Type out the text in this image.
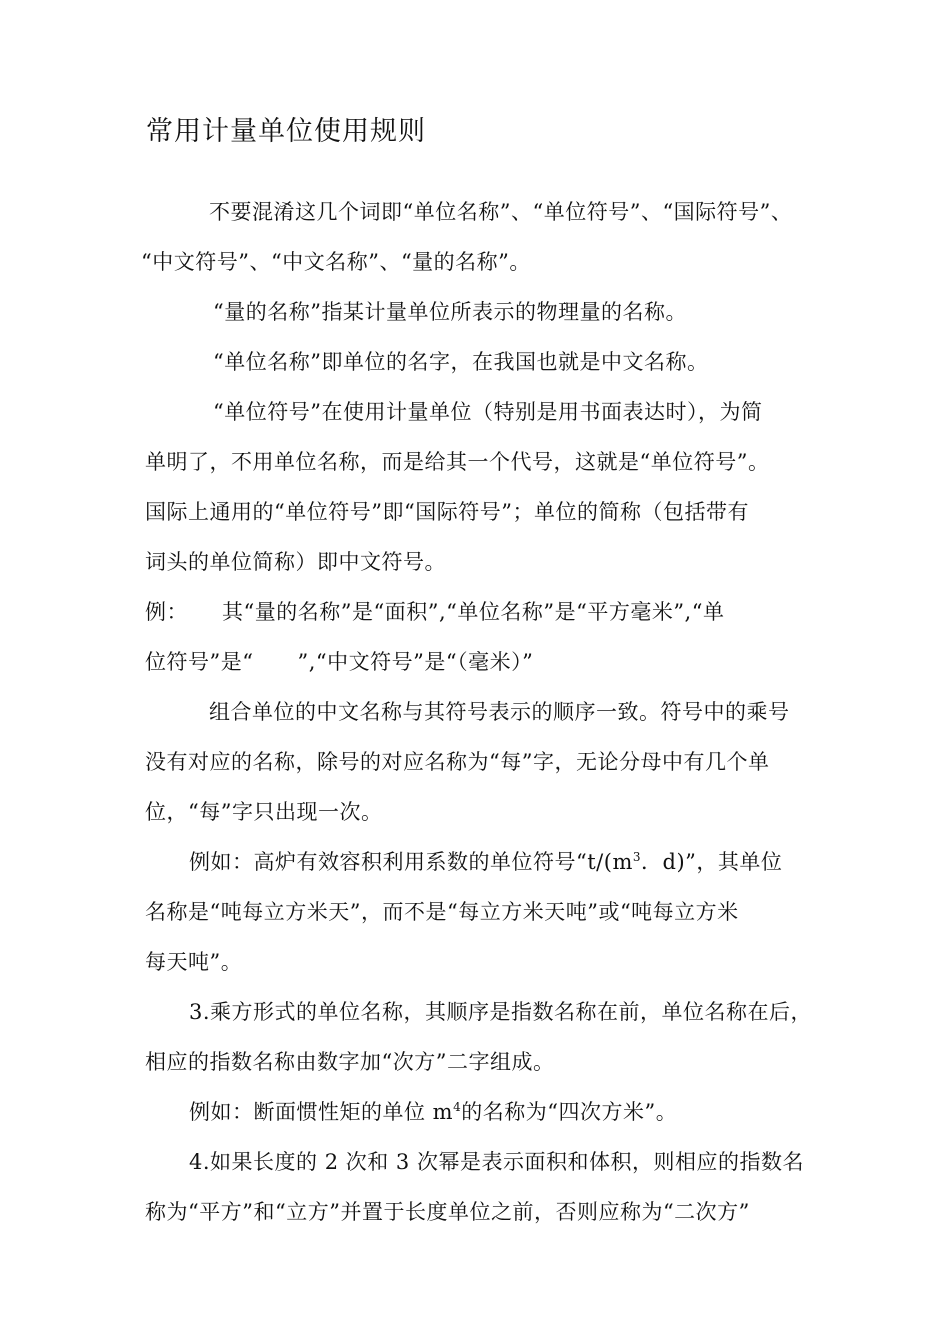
常用计量单位使用规则
不要混淆这几个词即“单位名称”、“单位符号”、“国际符号”、
“中文符号”、“中文名称”、“量的名称”。
“量的名称”指某计量单位所表示的物理量的名称。
“单位名称”即单位的名字，在我国也就是中文名称。
“单位符号”在使用计量单位（特别是用书面表达时），为简
单明了，不用单位名称，而是给其一个代号，这就是“单位符号”。
国际上通用的“单位符号”即“国际符号”；单位的简称（包括带有
词头的单位简称）即中文符号。
例： 其“量的名称”是“面积”,“单位名称”是“平方毫米”,“单
位符号”是“ ”,“中文符号”是“（毫米）”
组合单位的中文名称与其符号表示的顺序一致。符号中的乘号
没有对应的名称，除号的对应名称为“每”字，无论分母中有几个单
位，“每”字只出现一次。
例如：高炉有效容积利用系数的单位符号“$t/(m^3$．d)”，其单位
名称是“吨每立方米天”，而不是“每立方米天吨”或“吨每立方米
每天吨”。
3.乘方形式的单位名称，其顺序是指数名称在前，单位名称在后，
相应的指数名称由数字加“次方”二字组成。
例如：断面惯性矩的单位 $m^4$的名称为“四次方米”。
4.如果长度的 2 次和 3 次幂是表示面积和体积，则相应的指数名
称为“平方”和“立方”并置于长度单位之前，否则应称为“二次方”
